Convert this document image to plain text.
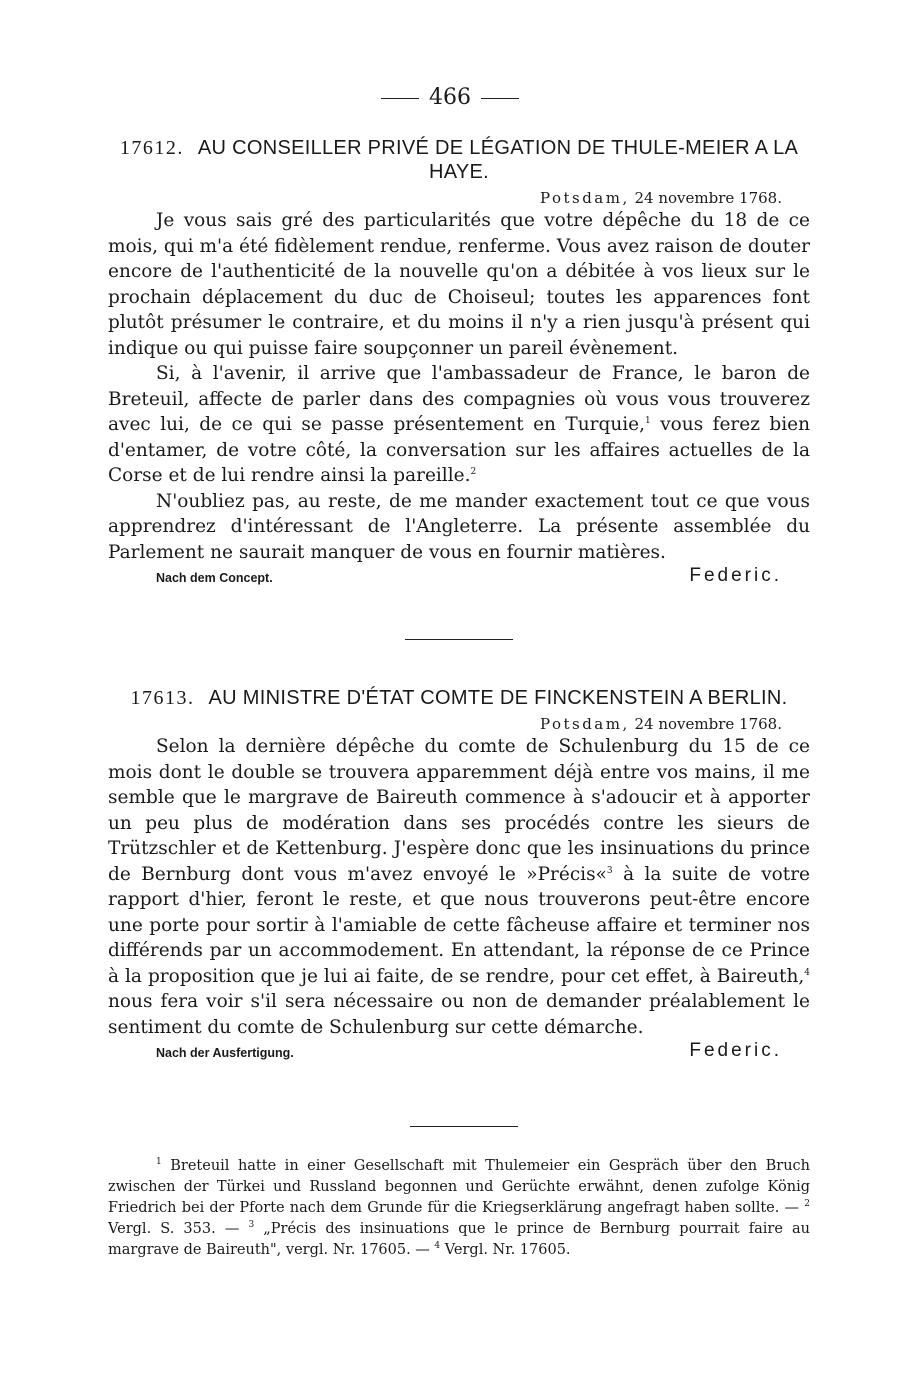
466
17612. AU CONSEILLER PRIVÉ DE LÉGATION DE THULE-MEIER A LA HAYE.
Potsdam, 24 novembre 1768.

Je vous sais gré des particularités que votre dépêche du 18 de ce mois, qui m'a été fidèlement rendue, renferme. Vous avez raison de douter encore de l'authenticité de la nouvelle qu'on a débitée à vos lieux sur le prochain déplacement du duc de Choiseul; toutes les apparences font plutôt présumer le contraire, et du moins il n'y a rien jusqu'à présent qui indique ou qui puisse faire soupçonner un pareil évènement.

Si, à l'avenir, il arrive que l'ambassadeur de France, le baron de Breteuil, affecte de parler dans des compagnies où vous vous trouverez avec lui, de ce qui se passe présentement en Turquie,$^1$ vous ferez bien d'entamer, de votre côté, la conversation sur les affaires actuelles de la Corse et de lui rendre ainsi la pareille.$^2$

N'oubliez pas, au reste, de me mander exactement tout ce que vous apprendrez d'intéressant de l'Angleterre. La présente assemblée du Parlement ne saurait manquer de vous en fournir matières.

Nach dem Concept.	Federic.
17613. AU MINISTRE D'ÉTAT COMTE DE FINCKENSTEIN A BERLIN.
Potsdam, 24 novembre 1768.

Selon la dernière dépêche du comte de Schulenburg du 15 de ce mois dont le double se trouvera apparemment déjà entre vos mains, il me semble que le margrave de Baireuth commence à s'adoucir et à apporter un peu plus de modération dans ses procédés contre les sieurs de Trützschler et de Kettenburg. J'espère donc que les insinuations du prince de Bernburg dont vous m'avez envoyé le »Précis«$^3$ à la suite de votre rapport d'hier, feront le reste, et que nous trouverons peut-être encore une porte pour sortir à l'amiable de cette fâcheuse affaire et terminer nos différends par un accommodement. En attendant, la réponse de ce Prince à la proposition que je lui ai faite, de se rendre, pour cet effet, à Baireuth,$^4$ nous fera voir s'il sera nécessaire ou non de demander préalablement le sentiment du comte de Schulenburg sur cette démarche.

Nach der Ausfertigung.	Federic.

$^1$ Breteuil hatte in einer Gesellschaft mit Thulemeier ein Gespräch über den Bruch zwischen der Türkei und Russland begonnen und Gerüchte erwähnt, denen zufolge König Friedrich bei der Pforte nach dem Grunde für die Kriegserklärung angefragt haben sollte. — $^2$ Vergl. S. 353. — $^3$ „Précis des insinuations que le prince de Bernburg pourrait faire au margrave de Baireuth", vergl. Nr. 17605. — $^4$ Vergl. Nr. 17605.
